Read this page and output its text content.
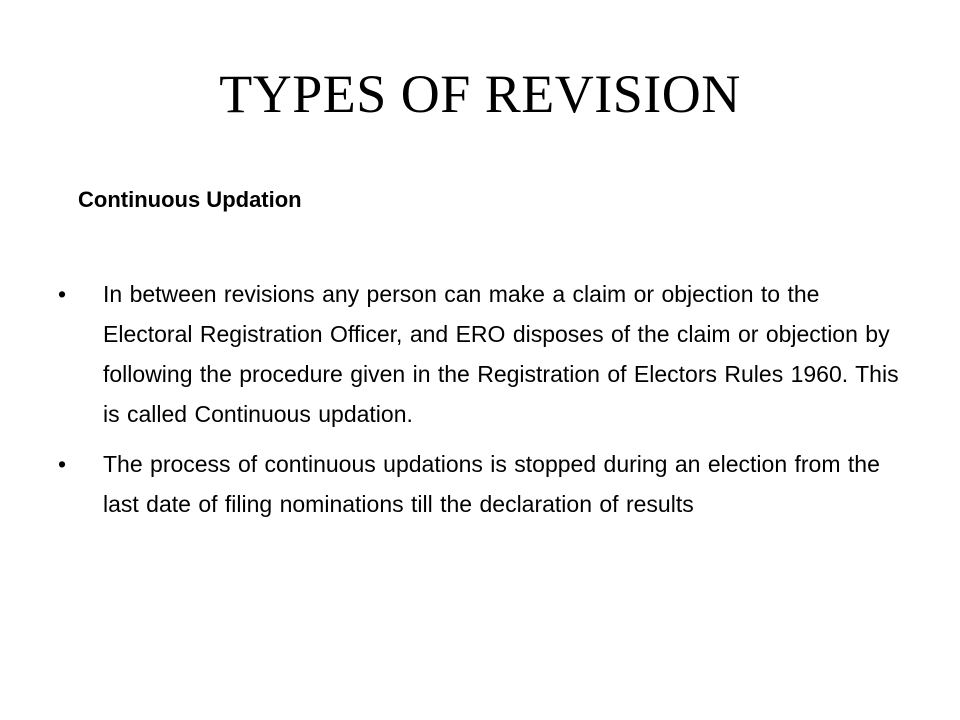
TYPES OF REVISION
Continuous Updation
• In between revisions any person can make a claim or objection to the Electoral Registration Officer, and ERO disposes of the claim or objection by following the procedure given in the Registration of Electors Rules 1960. This is called Continuous updation.
• The process of continuous updations is stopped during an election from the last date of filing nominations till the declaration of results
